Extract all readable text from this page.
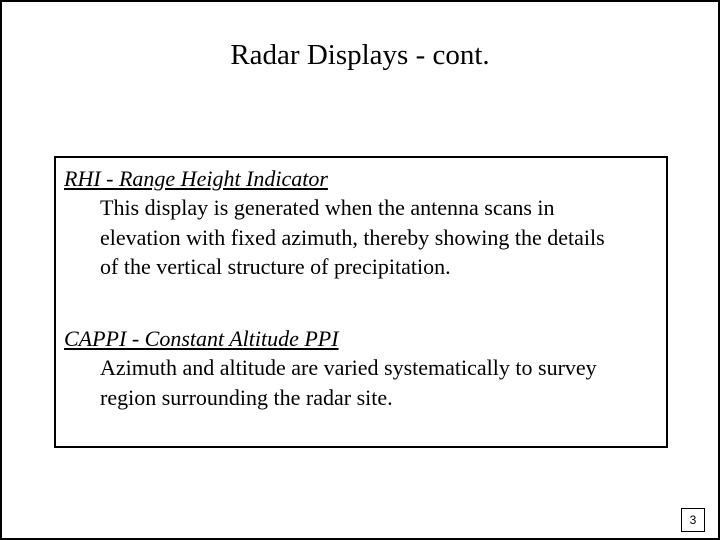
Radar Displays - cont.
RHI - Range Height Indicator
This display is generated when the antenna scans in
elevation with fixed azimuth, thereby showing the details
of the vertical structure of precipitation.
CAPPI - Constant Altitude PPI
Azimuth and altitude are varied systematically to survey
region surrounding the radar site.
3
